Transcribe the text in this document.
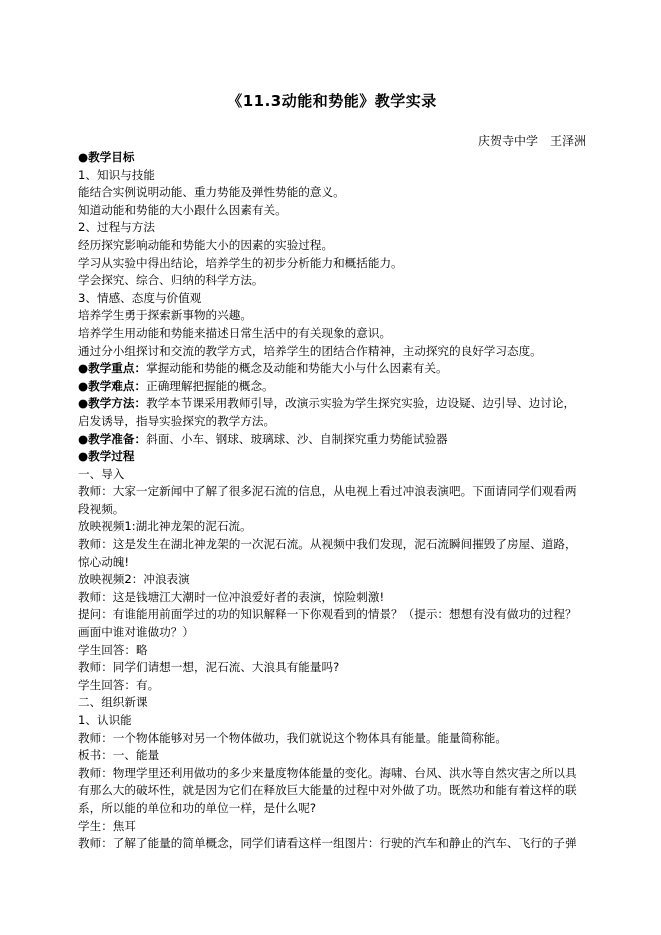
《11.3动能和势能》教学实录
庆贺寺中学　王泽洲
●教学目标
1、知识与技能
能结合实例说明动能、重力势能及弹性势能的意义。
知道动能和势能的大小跟什么因素有关。
2、过程与方法
经历探究影响动能和势能大小的因素的实验过程。
学习从实验中得出结论，培养学生的初步分析能力和概括能力。
学会探究、综合、归纳的科学方法。
3、情感、态度与价值观
培养学生勇于探索新事物的兴趣。
培养学生用动能和势能来描述日常生活中的有关现象的意识。
通过分小组探讨和交流的教学方式，培养学生的团结合作精神，主动探究的良好学习态度。
●教学重点：掌握动能和势能的概念及动能和势能大小与什么因素有关。
●教学难点：正确理解把握能的概念。
●教学方法：教学本节课采用教师引导，改演示实验为学生探究实验，边设疑、边引导、边讨论，启发诱导，指导实验探究的教学方法。
●教学准备：斜面、小车、钢球、玻璃球、沙、自制探究重力势能试验器
●教学过程
一、导入
教师：大家一定新闻中了解了很多泥石流的信息，从电视上看过冲浪表演吧。下面请同学们观看两段视频。
放映视频1:湖北神龙架的泥石流。
教师：这是发生在湖北神龙架的一次泥石流。从视频中我们发现，泥石流瞬间摧毁了房屋、道路，惊心动魄!
放映视频2：冲浪表演
教师：这是钱塘江大潮时一位冲浪爱好者的表演，惊险刺激!
提问：有谁能用前面学过的功的知识解释一下你观看到的情景？（提示：想想有没有做功的过程？画面中谁对谁做功？）
学生回答：略
教师：同学们请想一想，泥石流、大浪具有能量吗?
学生回答：有。
二、组织新课
1、认识能
教师：一个物体能够对另一个物体做功，我们就说这个物体具有能量。能量简称能。
板书：一、能量
教师：物理学里还利用做功的多少来量度物体能量的变化。海啸、台风、洪水等自然灾害之所以具有那么大的破坏性，就是因为它们在释放巨大能量的过程中对外做了功。既然功和能有着这样的联系，所以能的单位和功的单位一样，是什么呢?
学生：焦耳
教师：了解了能量的简单概念，同学们请看这样一组图片：行驶的汽车和静止的汽车、飞行的子弹
